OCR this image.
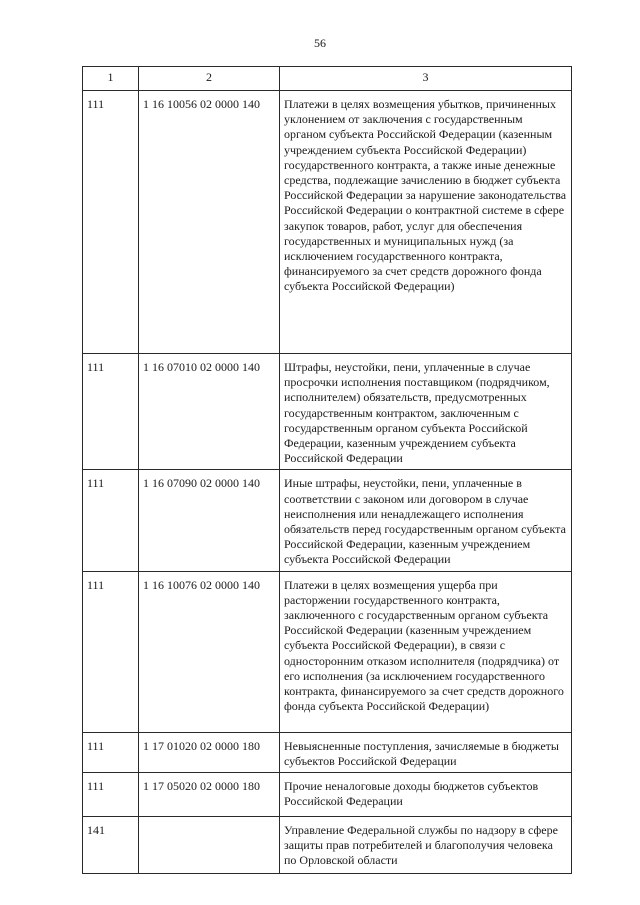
56
1	2	3
111	1 16 10056 02 0000 140	Платежи в целях возмещения убытков, причиненных уклонением от заключения с государственным органом субъекта Российской Федерации (казенным учреждением субъекта Российской Федерации) государственного контракта, а также иные денежные средства, подлежащие зачислению в бюджет субъекта Российской Федерации за нарушение законодательства Российской Федерации о контрактной системе в сфере закупок товаров, работ, услуг для обеспечения государственных и муниципальных нужд (за исключением государственного контракта, финансируемого за счет средств дорожного фонда субъекта Российской Федерации)
111	1 16 07010 02 0000 140	Штрафы, неустойки, пени, уплаченные в случае просрочки исполнения поставщиком (подрядчиком, исполнителем) обязательств, предусмотренных государственным контрактом, заключенным с государственным органом субъекта Российской Федерации, казенным учреждением субъекта Российской Федерации
111	1 16 07090 02 0000 140	Иные штрафы, неустойки, пени, уплаченные в соответствии с законом или договором в случае неисполнения или ненадлежащего исполнения обязательств перед государственным органом субъекта Российской Федерации, казенным учреждением субъекта Российской Федерации
111	1 16 10076 02 0000 140	Платежи в целях возмещения ущерба при расторжении государственного контракта, заключенного с государственным органом субъекта Российской Федерации (казенным учреждением субъекта Российской Федерации), в связи с односторонним отказом исполнителя (подрядчика) от его исполнения (за исключением государственного контракта, финансируемого за счет средств дорожного фонда субъекта Российской Федерации)
111	1 17 01020 02 0000 180	Невыясненные поступления, зачисляемые в бюджеты субъектов Российской Федерации
111	1 17 05020 02 0000 180	Прочие неналоговые доходы бюджетов субъектов Российской Федерации
141		Управление Федеральной службы по надзору в сфере защиты прав потребителей и благополучия человека по Орловской области
